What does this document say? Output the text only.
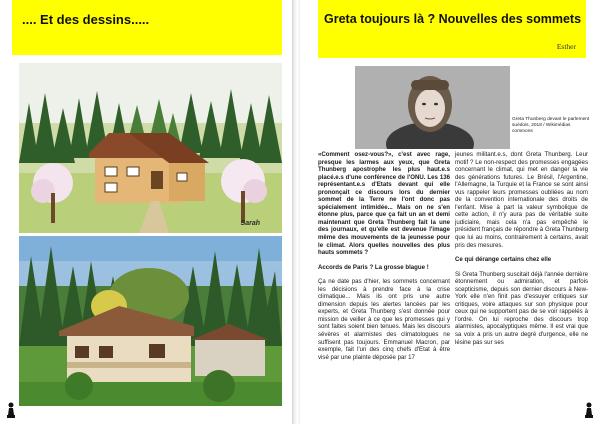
.... Et des dessins.....
Sarah
Greta toujours là ? Nouvelles des sommets
Esther
Greta Thunberg devant le parlement suédois, 2018 / Wikimédias commons

«Comment osez-vous?», c'est avec rage, presque les larmes aux yeux, que Greta Thunberg apostrophe les plus haut.e.s placé.e.s d'une conférence de l'ONU. Les 136 représentant.e.s d'Etats devant qui elle prononçait ce discours lors du dernier sommet de la Terre ne l'ont donc pas spécialement intimidée... Mais on ne s'en étonne plus, parce que ça fait un an et demi maintenant que Greta Thunberg fait la une des journaux, et qu'elle est devenue l'image même des mouvements de la jeunesse pour le climat. Alors quelles nouvelles des plus hauts sommets ?

Accords de Paris ? La grosse blague !

Ça ne date pas d'hier, les sommets concernant les décisions à prendre face à la crise climatique... Mais ils ont pris une autre dimension depuis les alertes lancées par les experts, et Greta Thunberg s'est donnée pour mission de veiller à ce que les promesses qui y sont faites soient bien tenues. Mais les discours sévères et alarmistes des climatologues ne suffisent pas toujours. Emmanuel Macron, par exemple, fait l'un des cinq chefs d'Etat à être visé par une plainte déposée par 17

jeunes militant.e.s, dont Greta Thunberg. Leur motif ? Le non-respect des promesses engagées concernant le climat, qui met en danger la vie des générations futures. Le Brésil, l'Argentine, l'Allemagne, la Turquie et la France se sont ainsi vus rappeler leurs promesses oubliées au nom de la convention internationale des droits de l'enfant. Mise à part la valeur symbolique de cette action, il n'y aura pas de véritable suite judiciaire, mais cela n'a pas empêché le président français de répondre à Greta Thunberg que lui au moins, contrairement à certains, avait pris des mesures.

Ce qui dérange certains chez elle

Si Greta Thunberg suscitait déjà l'année dernière étonnement ou admiration, et parfois scepticisme, depuis son dernier discours à New-York elle n'en finit pas d'essuyer critiques sur critiques, voire attaques sur son physique pour ceux qui ne supportent pas de se voir rappelés à l'ordre. On lui reproche des discours trop alarmistes, apocalyptiques même. Il est vrai que sa voix a pris un autre degré d'urgence, elle ne lésine pas sur ses
